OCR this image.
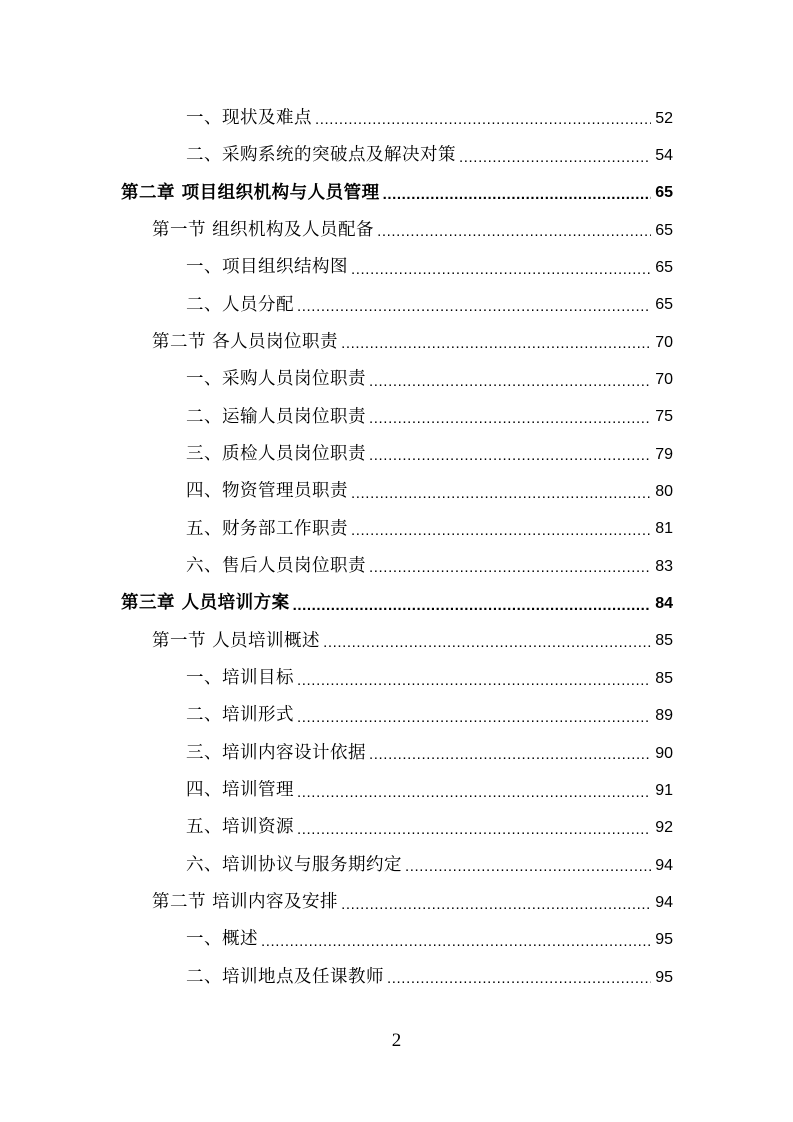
一、现状及难点 .....	52
二、采购系统的突破点及解决对策 .....	54
第二章 项目组织机构与人员管理 .....	65
第一节 组织机构及人员配备 .....	65
一、项目组织结构图 .....	65
二、人员分配 .....	65
第二节 各人员岗位职责 .....	70
一、采购人员岗位职责 .....	70
二、运输人员岗位职责 .....	75
三、质检人员岗位职责 .....	79
四、物资管理员职责 .....	80
五、财务部工作职责 .....	81
六、售后人员岗位职责 .....	83
第三章 人员培训方案 .....	84
第一节 人员培训概述 .....	85
一、培训目标 .....	85
二、培训形式 .....	89
三、培训内容设计依据 .....	90
四、培训管理 .....	91
五、培训资源 .....	92
六、培训协议与服务期约定 .....	94
第二节 培训内容及安排 .....	94
一、概述 .....	95
二、培训地点及任课教师 .....	95
2
